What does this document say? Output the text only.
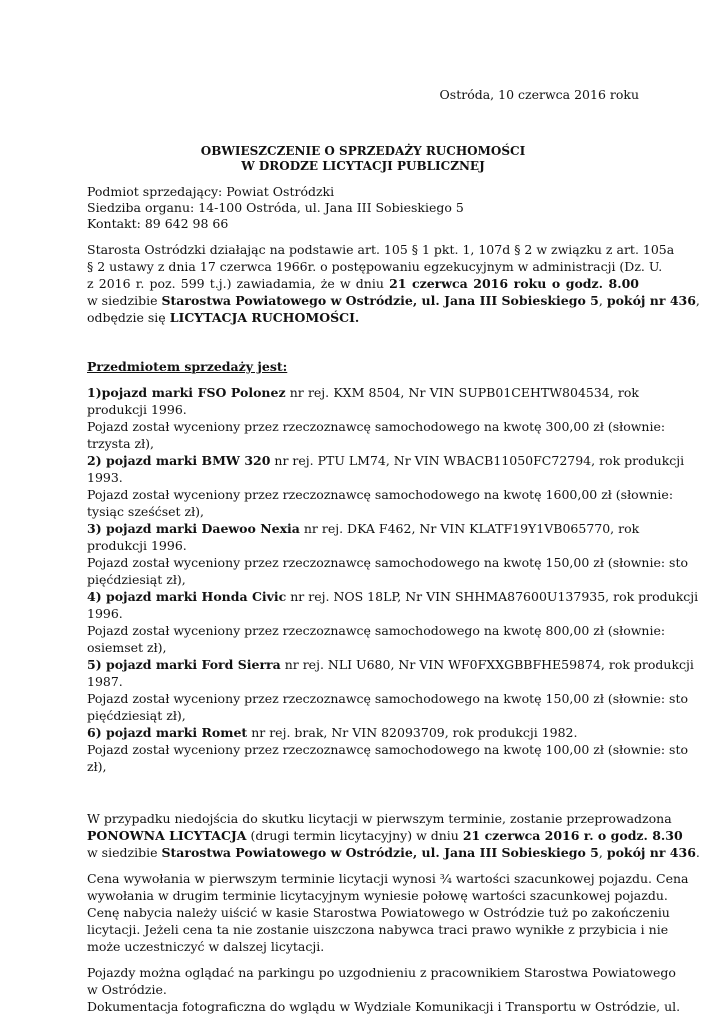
Ostróda, 10 czerwca 2016 roku
OBWIESZCZENIE O SPRZEDAŻY RUCHOMOŚCI
W DRODZE LICYTACJI PUBLICZNEJ
Podmiot sprzedający: Powiat Ostródzki
Siedziba organu: 14-100 Ostróda, ul. Jana III Sobieskiego 5
Kontakt: 89 642 98 66
Starosta Ostródzki działając na podstawie art. 105 § 1 pkt. 1, 107d § 2 w związku z art. 105a
§ 2 ustawy z dnia 17 czerwca 1966r. o postępowaniu egzekucyjnym w administracji (Dz. U.
z 2016 r. poz. 599 t.j.) zawiadamia, że w dniu 21 czerwca 2016 roku o godz. 8.00
w siedzibie Starostwa Powiatowego w Ostródzie, ul. Jana III Sobieskiego 5, pokój nr 436,
odbędzie się LICYTACJA RUCHOMOŚCI.
Przedmiotem sprzedaży jest:
1)pojazd marki FSO Polonez nr rej. KXM 8504, Nr VIN SUPB01CEHTW804534, rok
produkcji 1996.
Pojazd został wyceniony przez rzeczoznawcę samochodowego na kwotę 300,00 zł (słownie:
trzysta zł),
2) pojazd marki BMW 320 nr rej. PTU LM74, Nr VIN WBACB11050FC72794, rok produkcji
1993.
Pojazd został wyceniony przez rzeczoznawcę samochodowego na kwotę 1600,00 zł (słownie:
tysiąc sześćset zł),
3) pojazd marki Daewoo Nexia nr rej. DKA F462, Nr VIN KLATF19Y1VB065770, rok
produkcji 1996.
Pojazd został wyceniony przez rzeczoznawcę samochodowego na kwotę 150,00 zł (słownie: sto
pięćdziesiąt zł),
4) pojazd marki Honda Civic nr rej. NOS 18LP, Nr VIN SHHMA87600U137935, rok produkcji
1996.
Pojazd został wyceniony przez rzeczoznawcę samochodowego na kwotę 800,00 zł (słownie:
osiemset zł),
5) pojazd marki Ford Sierra nr rej. NLI U680, Nr VIN WF0FXXGBBFHE59874, rok produkcji
1987.
Pojazd został wyceniony przez rzeczoznawcę samochodowego na kwotę 150,00 zł (słownie: sto
pięćdziesiąt zł),
6) pojazd marki Romet nr rej. brak, Nr VIN 82093709, rok produkcji 1982.
Pojazd został wyceniony przez rzeczoznawcę samochodowego na kwotę 100,00 zł (słownie: sto
zł),
W przypadku niedojścia do skutku licytacji w pierwszym terminie, zostanie przeprowadzona
PONOWNA LICYTACJA (drugi termin licytacyjny) w dniu 21 czerwca 2016 r. o godz. 8.30
w siedzibie Starostwa Powiatowego w Ostródzie, ul. Jana III Sobieskiego 5, pokój nr 436.
Cena wywołania w pierwszym terminie licytacji wynosi ¾ wartości szacunkowej pojazdu. Cena
wywołania w drugim terminie licytacyjnym wyniesie połowę wartości szacunkowej pojazdu.
Cenę nabycia należy uiścić w kasie Starostwa Powiatowego w Ostródzie tuż po zakończeniu
licytacji. Jeżeli cena ta nie zostanie uiszczona nabywca traci prawo wynikłe z przybicia i nie
może uczestniczyć w dalszej licytacji.
Pojazdy można oglądać na parkingu po uzgodnieniu z pracownikiem Starostwa Powiatowego
w Ostródzie.
Dokumentacja fotograficzna do wglądu w Wydziale Komunikacji i Transportu w Ostródzie, ul.
